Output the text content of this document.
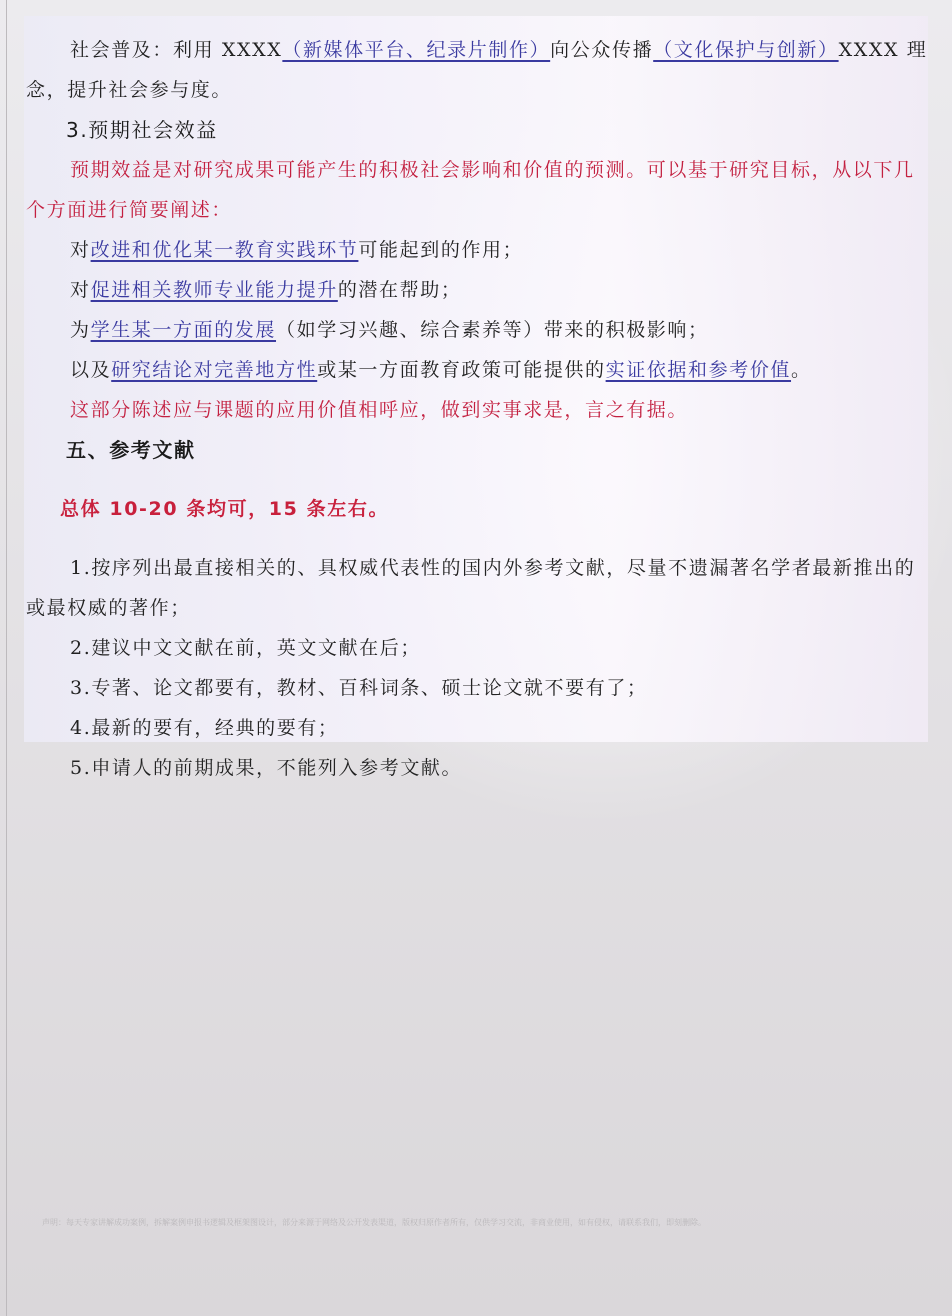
社会普及：利用 XXXX（新媒体平台、纪录片制作）向公众传播（文化保护与创新）XXXX 理念，提升社会参与度。

3.预期社会效益

预期效益是对研究成果可能产生的积极社会影响和价值的预测。可以基于研究目标，从以下几个方面进行简要阐述：

对改进和优化某一教育实践环节可能起到的作用；

对促进相关教师专业能力提升的潜在帮助；

为学生某一方面的发展（如学习兴趣、综合素养等）带来的积极影响；

以及研究结论对完善地方性或某一方面教育政策可能提供的实证依据和参考价值。

这部分陈述应与课题的应用价值相呼应，做到实事求是，言之有据。

五、参考文献

总体 10-20 条均可，15 条左右。

1.按序列出最直接相关的、具权威代表性的国内外参考文献，尽量不遗漏著名学者最新推出的或最权威的著作；

2.建议中文文献在前，英文文献在后；

3.专著、论文都要有，教材、百科词条、硕士论文就不要有了；

4.最新的要有，经典的要有；

5.申请人的前期成果，不能列入参考文献。

声明：每天专家讲解成功案例，拆解案例申报书逻辑及框架图设计，部分来源于网络及公开发表渠道，版权归原作者所有，仅供学习交流，非商业使用，如有侵权，请联系我们，即刻删除。
